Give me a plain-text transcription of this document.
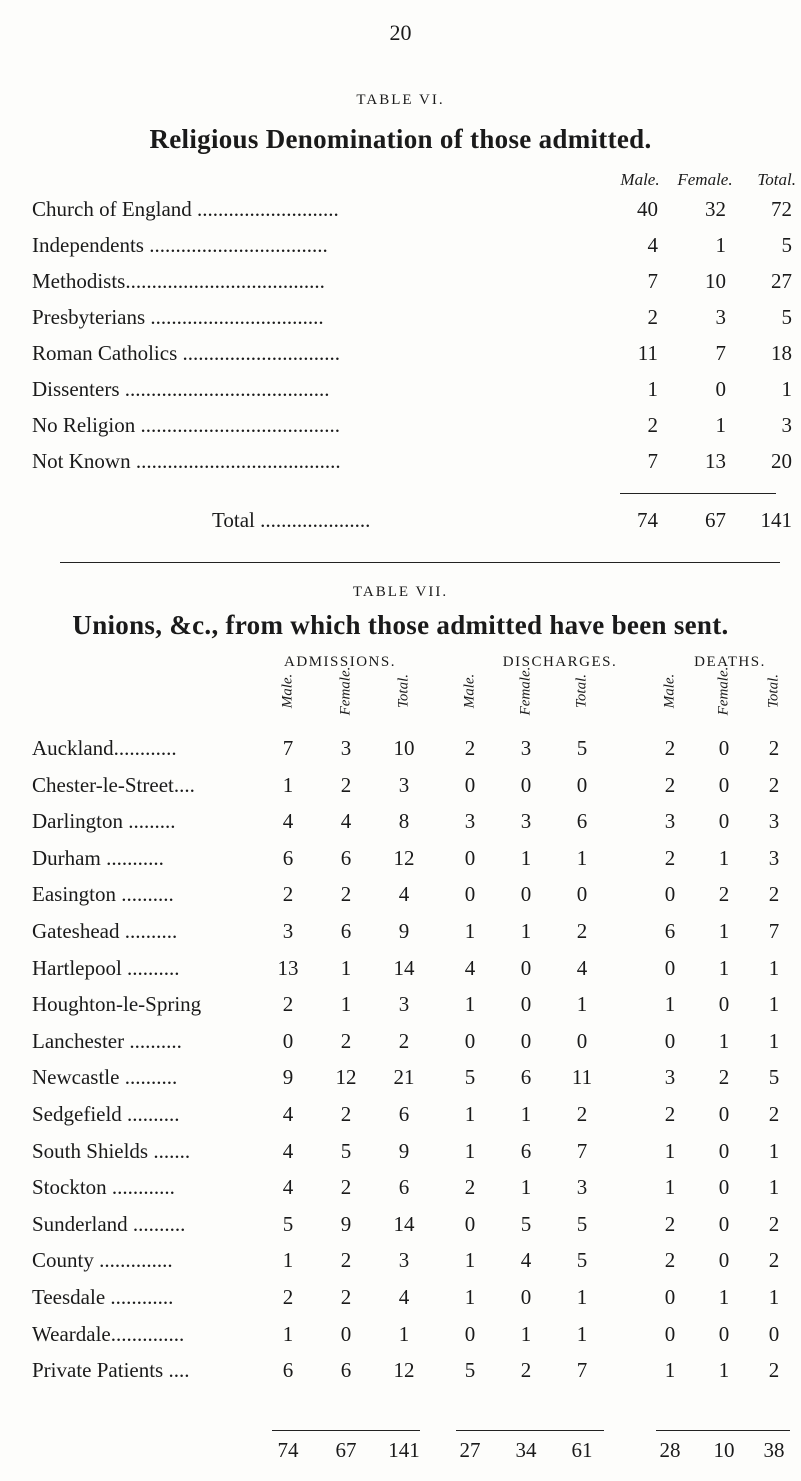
20
TABLE VI.
Religious Denomination of those admitted.
Male.	Female.	Total.
Church of England ...........................	40	32	72
Independents ..................................	4	1	5
Methodists......................................	7	10	27
Presbyterians .................................	2	3	5
Roman Catholics ..............................	11	7	18
Dissenters .......................................	1	0	1
No Religion ......................................	2	1	3
Not Known .......................................	7	13	20
Total .....................	74	67	141
TABLE VII.
Unions, &c., from which those admitted have been sent.
ADMISSIONS.	DISCHARGES.	DEATHS.
Male.	Female.	Total.	Male.	Female.	Total.	Male.	Female. Total.
Auckland............	7	3	10	2	3	5	2	0	2
Chester-le-Street....	1	2	3	0	0	0	2	0	2
Darlington .........	4	4	8	3	3	6	3	0	3
Durham ...........	6	6	12	0	1	1	2	1	3
Easington ..........	2	2	4	0	0	0	0	2	2
Gateshead ..........	3	6	9	1	1	2	6	1	7
Hartlepool ..........	13	1	14	4	0	4	0	1	1
Houghton-le-Spring	2	1	3	1	0	1	1	0	1
Lanchester ..........	0	2	2	0	0	0	0	1	1
Newcastle ..........	9	12	21	5	6	11	3	2	5
Sedgefield ..........	4	2	6	1	1	2	2	0	2
South Shields .......	4	5	9	1	6	7	1	0	1
Stockton ............	4	2	6	2	1	3	1	0	1
Sunderland ..........	5	9	14	0	5	5	2	0	2
County ..............	1	2	3	1	4	5	2	0	2
Teesdale ............	2	2	4	1	0	1	0	1	1
Weardale..............	1	0	1	0	1	1	0	0	0
Private Patients ....	6	6	12	5	2	7	1	1	2
74	67	141	27	34	61	28	10	38
